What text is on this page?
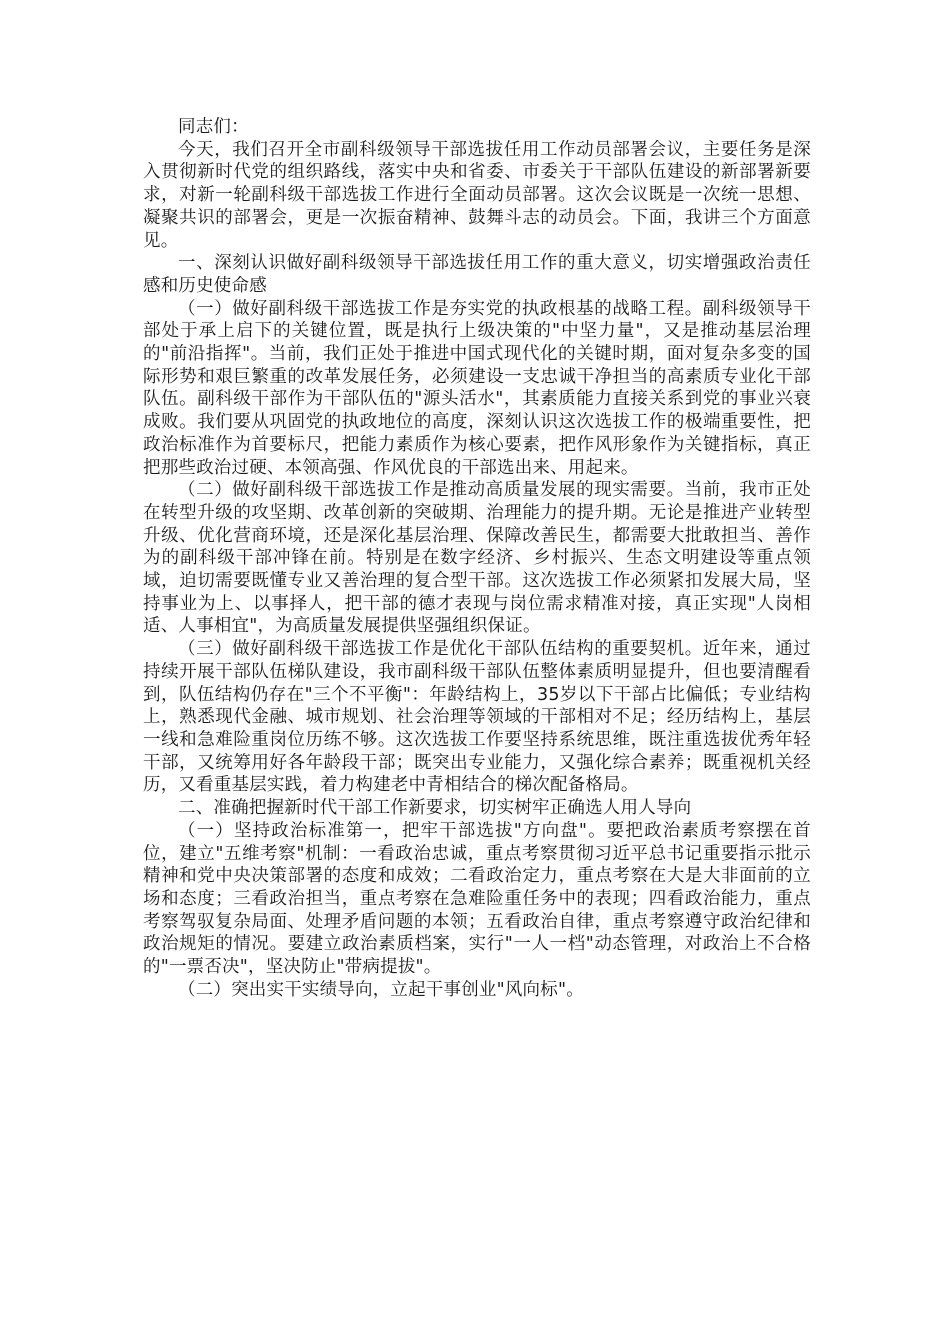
同志们：

今天，我们召开全市副科级领导干部选拔任用工作动员部署会议，主要任务是深入贯彻新时代党的组织路线，落实中央和省委、市委关于干部队伍建设的新部署新要求，对新一轮副科级干部选拔工作进行全面动员部署。这次会议既是一次统一思想、凝聚共识的部署会，更是一次振奋精神、鼓舞斗志的动员会。下面，我讲三个方面意见。

一、深刻认识做好副科级领导干部选拔任用工作的重大意义，切实增强政治责任感和历史使命感

（一）做好副科级干部选拔工作是夯实党的执政根基的战略工程。副科级领导干部处于承上启下的关键位置，既是执行上级决策的"中坚力量"，又是推动基层治理的"前沿指挥"。当前，我们正处于推进中国式现代化的关键时期，面对复杂多变的国际形势和艰巨繁重的改革发展任务，必须建设一支忠诚干净担当的高素质专业化干部队伍。副科级干部作为干部队伍的"源头活水"，其素质能力直接关系到党的事业兴衰成败。我们要从巩固党的执政地位的高度，深刻认识这次选拔工作的极端重要性，把政治标准作为首要标尺，把能力素质作为核心要素，把作风形象作为关键指标，真正把那些政治过硬、本领高强、作风优良的干部选出来、用起来。

（二）做好副科级干部选拔工作是推动高质量发展的现实需要。当前，我市正处在转型升级的攻坚期、改革创新的突破期、治理能力的提升期。无论是推进产业转型升级、优化营商环境，还是深化基层治理、保障改善民生，都需要大批敢担当、善作为的副科级干部冲锋在前。特别是在数字经济、乡村振兴、生态文明建设等重点领域，迫切需要既懂专业又善治理的复合型干部。这次选拔工作必须紧扣发展大局，坚持事业为上、以事择人，把干部的德才表现与岗位需求精准对接，真正实现"人岗相适、人事相宜"，为高质量发展提供坚强组织保证。

（三）做好副科级干部选拔工作是优化干部队伍结构的重要契机。近年来，通过持续开展干部队伍梯队建设，我市副科级干部队伍整体素质明显提升，但也要清醒看到，队伍结构仍存在"三个不平衡"：年龄结构上，35岁以下干部占比偏低；专业结构上，熟悉现代金融、城市规划、社会治理等领域的干部相对不足；经历结构上，基层一线和急难险重岗位历练不够。这次选拔工作要坚持系统思维，既注重选拔优秀年轻干部，又统筹用好各年龄段干部；既突出专业能力，又强化综合素养；既重视机关经历，又看重基层实践，着力构建老中青相结合的梯次配备格局。

二、准确把握新时代干部工作新要求，切实树牢正确选人用人导向

（一）坚持政治标准第一，把牢干部选拔"方向盘"。要把政治素质考察摆在首位，建立"五维考察"机制：一看政治忠诚，重点考察贯彻习近平总书记重要指示批示精神和党中央决策部署的态度和成效；二看政治定力，重点考察在大是大非面前的立场和态度；三看政治担当，重点考察在急难险重任务中的表现；四看政治能力，重点考察驾驭复杂局面、处理矛盾问题的本领；五看政治自律，重点考察遵守政治纪律和政治规矩的情况。要建立政治素质档案，实行"一人一档"动态管理，对政治上不合格的"一票否决"，坚决防止"带病提拔"。

（二）突出实干实绩导向，立起干事创业"风向标"。
